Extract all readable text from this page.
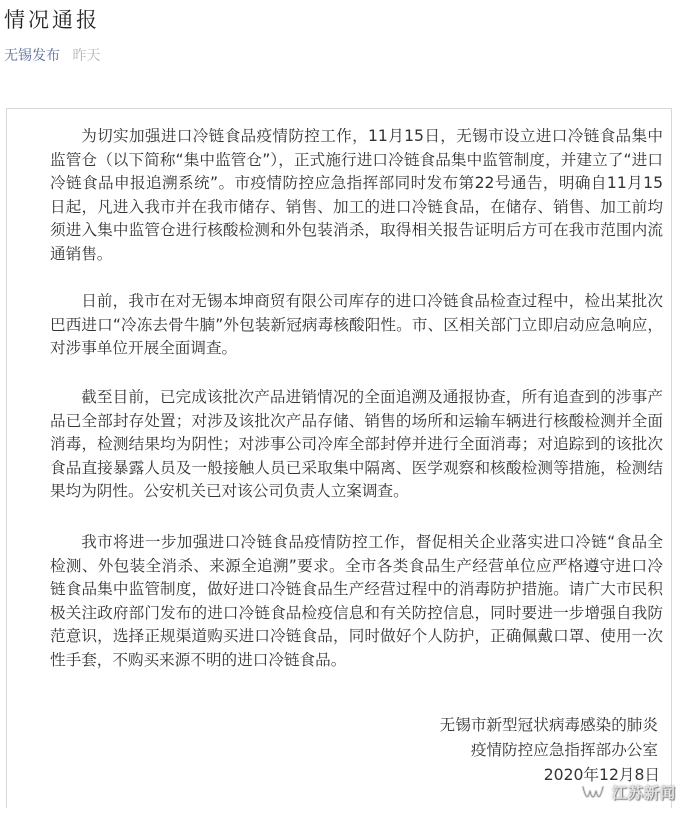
情况通报
无锡发布 昨天

为切实加强进口冷链食品疫情防控工作，11月15日，无锡市设立进口冷链食品集中监管仓（以下简称“集中监管仓”），正式施行进口冷链食品集中监管制度，并建立了“进口冷链食品申报追溯系统”。市疫情防控应急指挥部同时发布第22号通告，明确自11月15日起，凡进入我市并在我市储存、销售、加工的进口冷链食品，在储存、销售、加工前均须进入集中监管仓进行核酸检测和外包装消杀，取得相关报告证明后方可在我市范围内流通销售。

日前，我市在对无锡本坤商贸有限公司库存的进口冷链食品检查过程中，检出某批次巴西进口“冷冻去骨牛腩”外包装新冠病毒核酸阳性。市、区相关部门立即启动应急响应，对涉事单位开展全面调查。

截至目前，已完成该批次产品进销情况的全面追溯及通报协查，所有追查到的涉事产品已全部封存处置；对涉及该批次产品存储、销售的场所和运输车辆进行核酸检测并全面消毒，检测结果均为阴性；对涉事公司冷库全部封停并进行全面消毒；对追踪到的该批次食品直接暴露人员及一般接触人员已采取集中隔离、医学观察和核酸检测等措施，检测结果均为阴性。公安机关已对该公司负责人立案调查。

我市将进一步加强进口冷链食品疫情防控工作，督促相关企业落实进口冷链“食品全检测、外包装全消杀、来源全追溯”要求。全市各类食品生产经营单位应严格遵守进口冷链食品集中监管制度，做好进口冷链食品生产经营过程中的消毒防护措施。请广大市民积极关注政府部门发布的进口冷链食品检疫信息和有关防控信息，同时要进一步增强自我防范意识，选择正规渠道购买进口冷链食品，同时做好个人防护，正确佩戴口罩、使用一次性手套，不购买来源不明的进口冷链食品。

无锡市新型冠状病毒感染的肺炎
疫情防控应急指挥部办公室
2020年12月8日
江苏新闻
